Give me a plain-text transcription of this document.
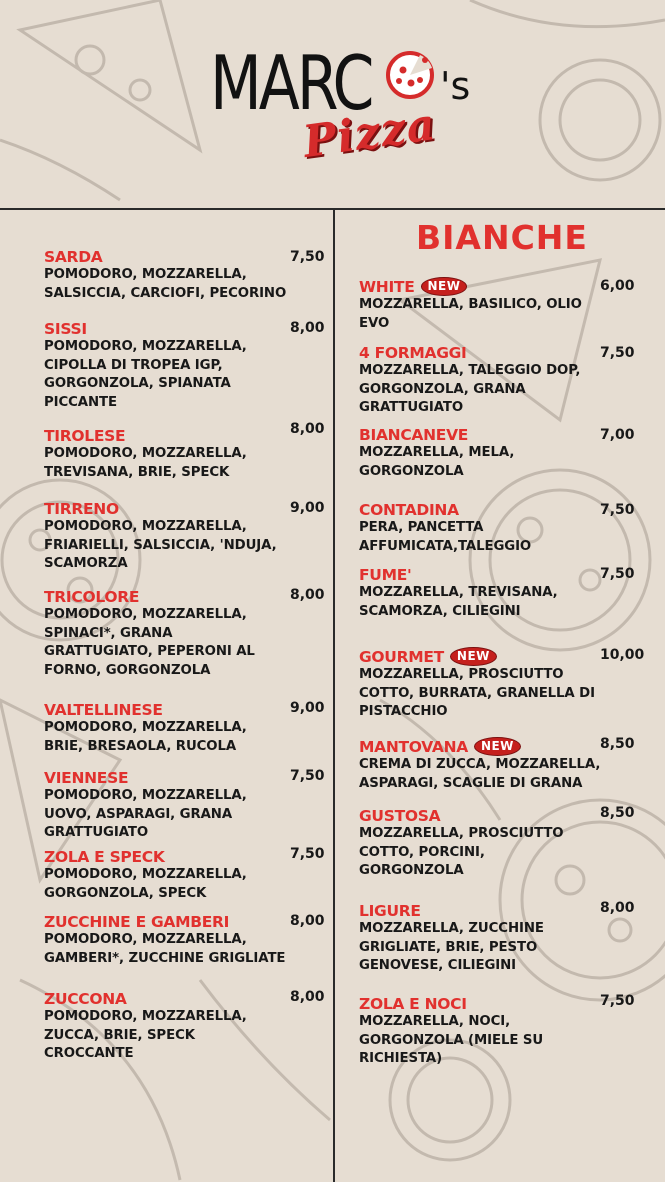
MARC 's
Pizza
BIANCHE
SARDA
POMODORO, MOZZARELLA,
SALSICCIA, CARCIOFI, PECORINO
7,50
SISSI
POMODORO, MOZZARELLA,
CIPOLLA DI TROPEA IGP,
GORGONZOLA, SPIANATA
PICCANTE
8,00
TIROLESE
POMODORO, MOZZARELLA,
TREVISANA, BRIE, SPECK
8,00
TIRRENO
POMODORO, MOZZARELLA,
FRIARIELLI, SALSICCIA, 'NDUJA,
SCAMORZA
9,00
TRICOLORE
POMODORO, MOZZARELLA,
SPINACI*, GRANA
GRATTUGIATO, PEPERONI AL
FORNO, GORGONZOLA
8,00
VALTELLINESE
POMODORO, MOZZARELLA,
BRIE, BRESAOLA, RUCOLA
9,00
VIENNESE
POMODORO, MOZZARELLA,
UOVO, ASPARAGI, GRANA
GRATTUGIATO
7,50
ZOLA E SPECK
POMODORO, MOZZARELLA,
GORGONZOLA, SPECK
7,50
ZUCCHINE E GAMBERI
POMODORO, MOZZARELLA,
GAMBERI*, ZUCCHINE GRIGLIATE
8,00
ZUCCONA
POMODORO, MOZZARELLA,
ZUCCA, BRIE, SPECK
CROCCANTE
8,00
WHITE NEW
MOZZARELLA, BASILICO, OLIO
EVO
6,00
4 FORMAGGI
MOZZARELLA, TALEGGIO DOP,
GORGONZOLA, GRANA
GRATTUGIATO
7,50
BIANCANEVE
MOZZARELLA, MELA,
GORGONZOLA
7,00
CONTADINA
PERA, PANCETTA
AFFUMICATA,TALEGGIO
7,50
FUME'
MOZZARELLA, TREVISANA,
SCAMORZA, CILIEGINI
7,50
GOURMET NEW
MOZZARELLA, PROSCIUTTO
COTTO, BURRATA, GRANELLA DI
PISTACCHIO
10,00
MANTOVANA NEW
CREMA DI ZUCCA, MOZZARELLA,
ASPARAGI, SCAGLIE DI GRANA
8,50
GUSTOSA
MOZZARELLA, PROSCIUTTO
COTTO, PORCINI,
GORGONZOLA
8,50
LIGURE
MOZZARELLA, ZUCCHINE
GRIGLIATE, BRIE, PESTO
GENOVESE, CILIEGINI
8,00
ZOLA E NOCI
MOZZARELLA, NOCI,
GORGONZOLA (MIELE SU
RICHIESTA)
7,50
